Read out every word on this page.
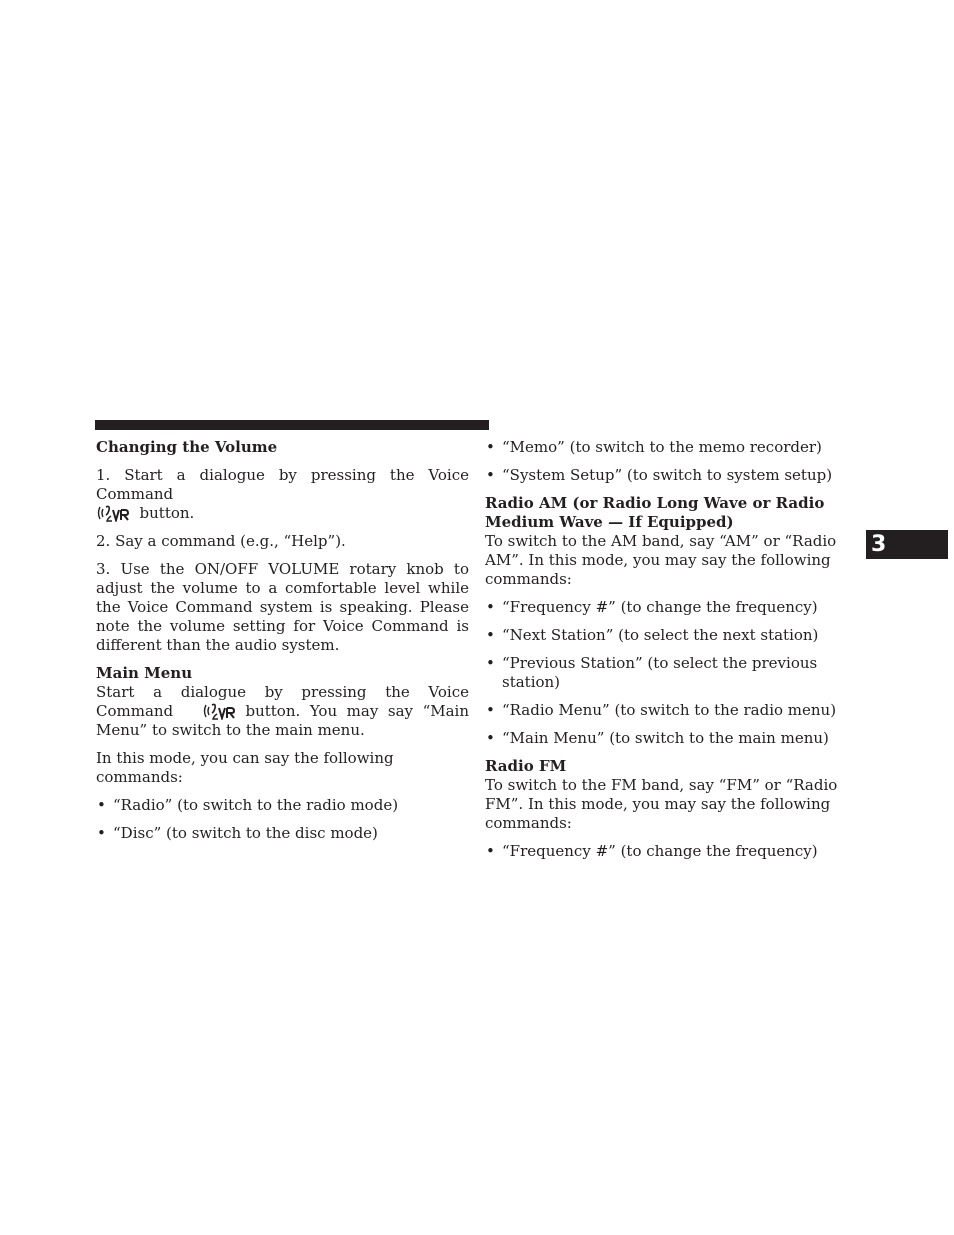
3

Changing the Volume

1. Start a dialogue by pressing the Voice Command

button.

2. Say a command (e.g., “Help”).

3. Use the ON/OFF VOLUME rotary knob to adjust the volume to a comfortable level while the Voice Command system is speaking. Please note the volume setting for Voice Command is different than the audio system.

Main Menu

Start a dialogue by pressing the Voice Command	button. You may say “Main Menu” to switch to the main menu.

In this mode, you can say the following commands:

• “Radio” (to switch to the radio mode)
• “Disc” (to switch to the disc mode)
• “Memo” (to switch to the memo recorder)
• “System Setup” (to switch to system setup)

Radio AM (or Radio Long Wave or Radio Medium Wave — If Equipped)

To switch to the AM band, say “AM” or “Radio AM”. In this mode, you may say the following commands:

• “Frequency #” (to change the frequency)
• “Next Station” (to select the next station)
• “Previous Station” (to select the previous station)
• “Radio Menu” (to switch to the radio menu)
• “Main Menu” (to switch to the main menu)

Radio FM

To switch to the FM band, say “FM” or “Radio FM”. In this mode, you may say the following commands:

• “Frequency #” (to change the frequency)
